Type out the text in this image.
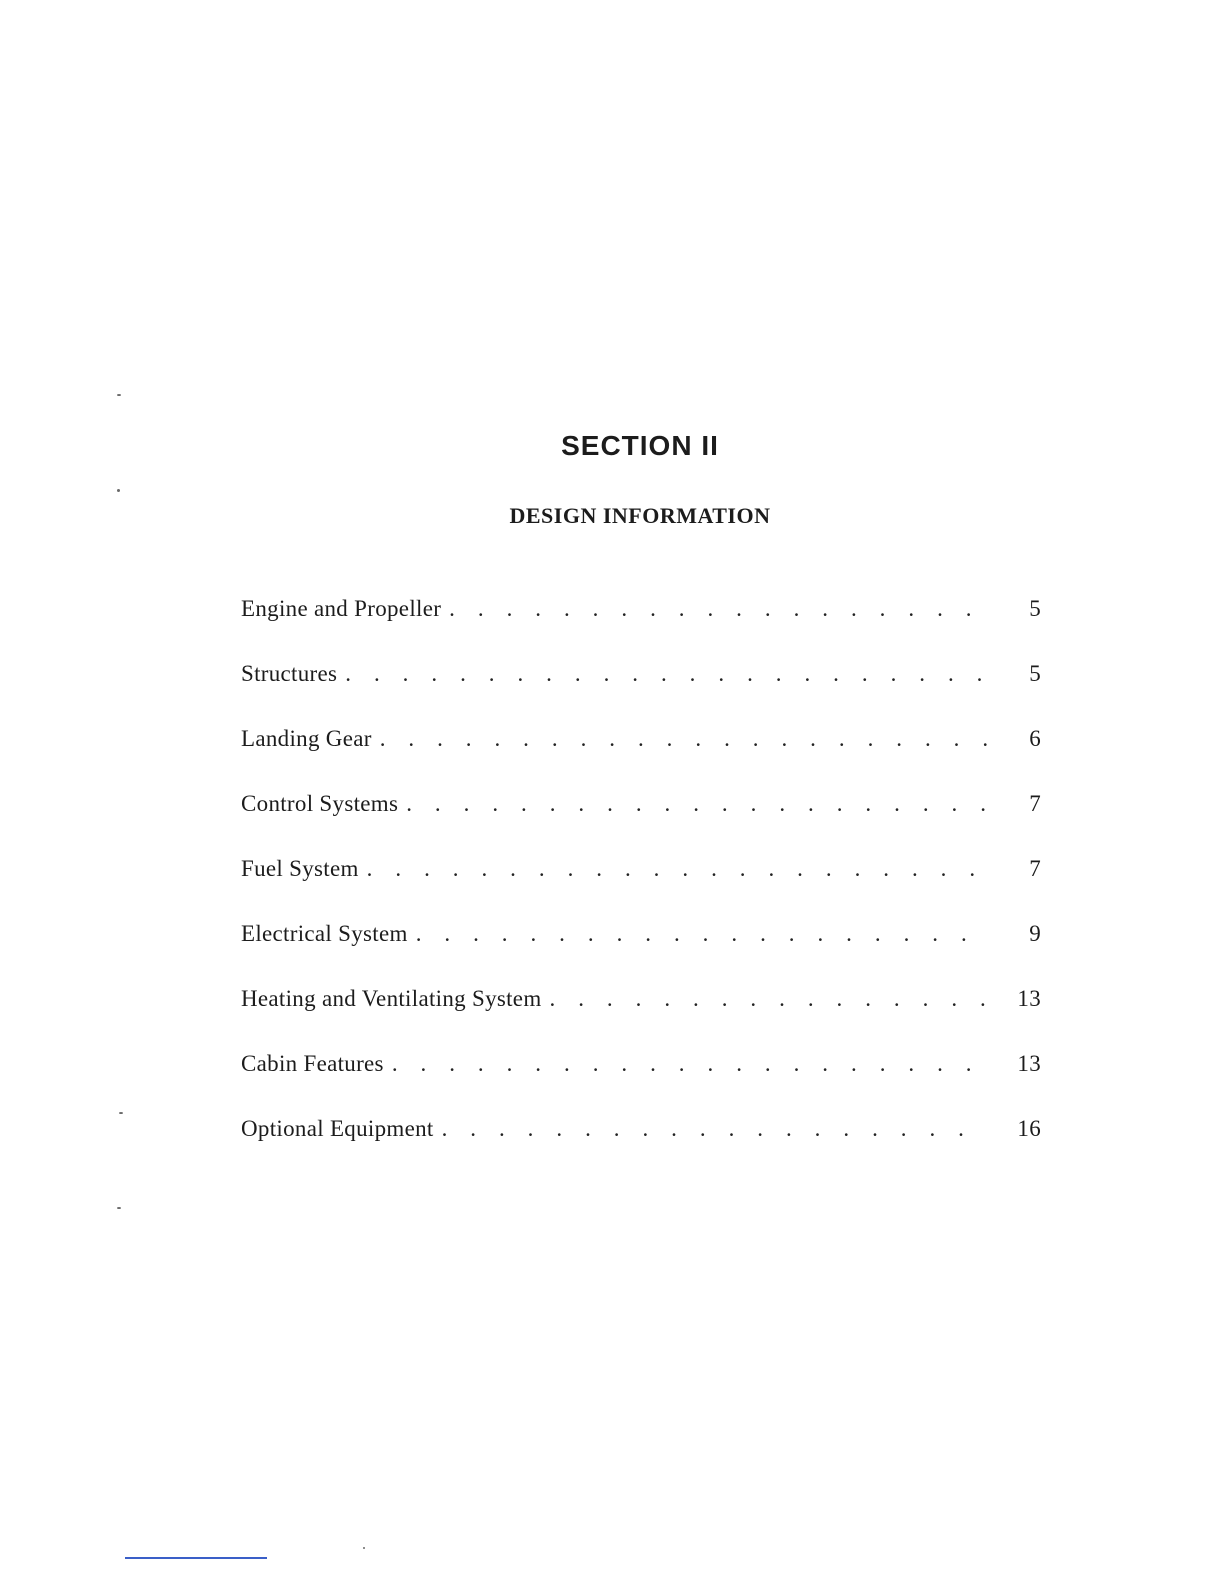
SECTION II
DESIGN INFORMATION
Engine and Propeller . . .	5
Structures . . .	5
Landing Gear . . .	6
Control Systems . . .	7
Fuel System . . .	7
Electrical System . . .	9
Heating and Ventilating System . . .	13
Cabin Features . . .	13
Optional Equipment . . .	16
